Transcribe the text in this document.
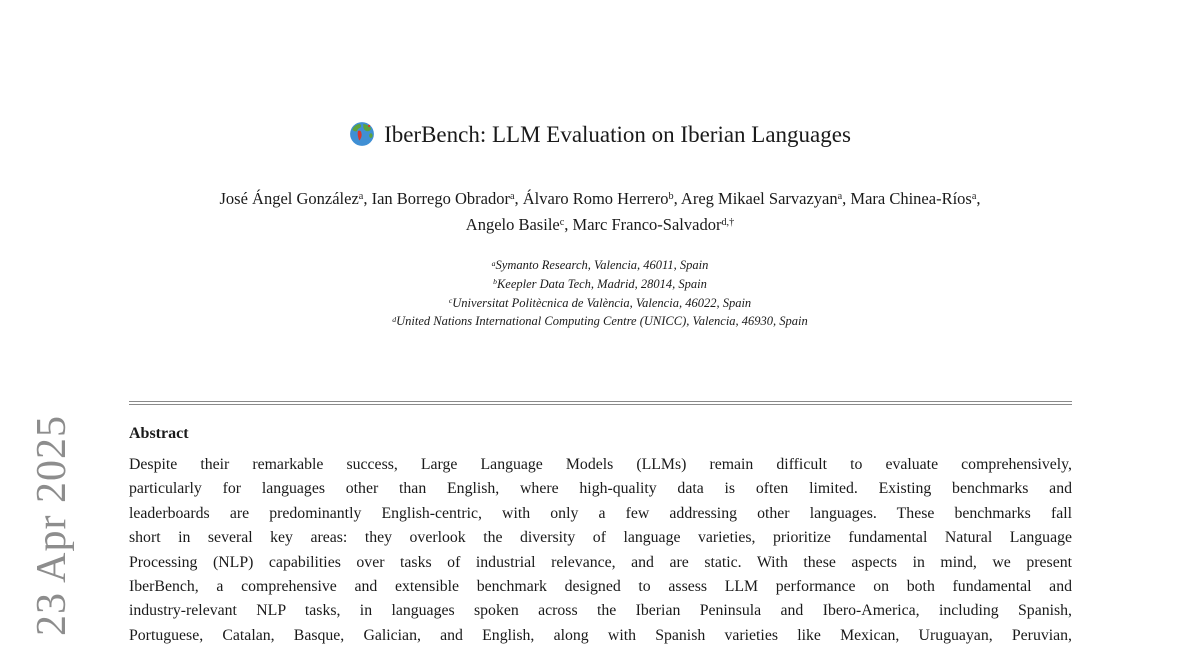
23 Apr 2025
IberBench: LLM Evaluation on Iberian Languages
José Ángel González$^a$, Ian Borrego Obrador$^a$, Álvaro Romo Herrero$^b$, Areg Mikael Sarvazyan$^a$, Mara Chinea-Ríos$^a$,
Angelo Basile$^c$, Marc Franco-Salvador$^{d,\dagger}$
$^a$Symanto Research, Valencia, 46011, Spain
$^b$Keepler Data Tech, Madrid, 28014, Spain
$^c$Universitat Politècnica de València, Valencia, 46022, Spain
$^d$United Nations International Computing Centre (UNICC), Valencia, 46930, Spain
Abstract
Despite their remarkable success, Large Language Models (LLMs) remain difficult to evaluate comprehensively,
particularly for languages other than English, where high-quality data is often limited. Existing benchmarks and
leaderboards are predominantly English-centric, with only a few addressing other languages. These benchmarks fall
short in several key areas: they overlook the diversity of language varieties, prioritize fundamental Natural Language
Processing (NLP) capabilities over tasks of industrial relevance, and are static. With these aspects in mind, we present
IberBench, a comprehensive and extensible benchmark designed to assess LLM performance on both fundamental and
industry-relevant NLP tasks, in languages spoken across the Iberian Peninsula and Ibero-America, including Spanish,
Portuguese, Catalan, Basque, Galician, and English, along with Spanish varieties like Mexican, Uruguayan, Peruvian,
